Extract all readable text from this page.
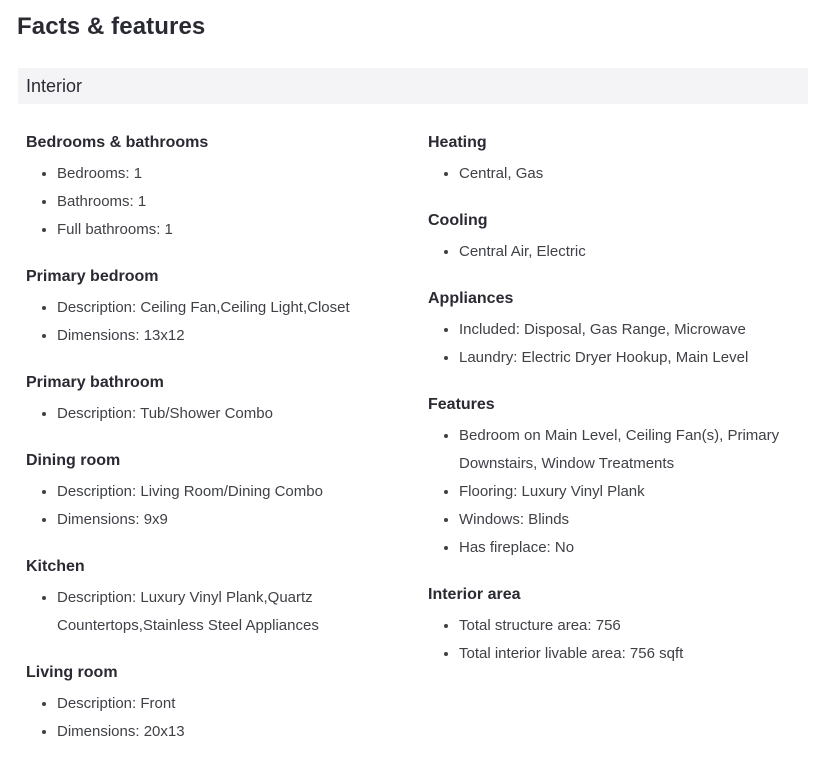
Facts & features
Interior
Bedrooms & bathrooms
• Bedrooms: 1
• Bathrooms: 1
• Full bathrooms: 1
Primary bedroom
• Description: Ceiling Fan,Ceiling Light,Closet
• Dimensions: 13x12
Primary bathroom
• Description: Tub/Shower Combo
Dining room
• Description: Living Room/Dining Combo
• Dimensions: 9x9
Kitchen
• Description: Luxury Vinyl Plank,Quartz Countertops,Stainless Steel Appliances
Living room
• Description: Front
• Dimensions: 20x13
Heating
• Central, Gas
Cooling
• Central Air, Electric
Appliances
• Included: Disposal, Gas Range, Microwave
• Laundry: Electric Dryer Hookup, Main Level
Features
• Bedroom on Main Level, Ceiling Fan(s), Primary Downstairs, Window Treatments
• Flooring: Luxury Vinyl Plank
• Windows: Blinds
• Has fireplace: No
Interior area
• Total structure area: 756
• Total interior livable area: 756 sqft
